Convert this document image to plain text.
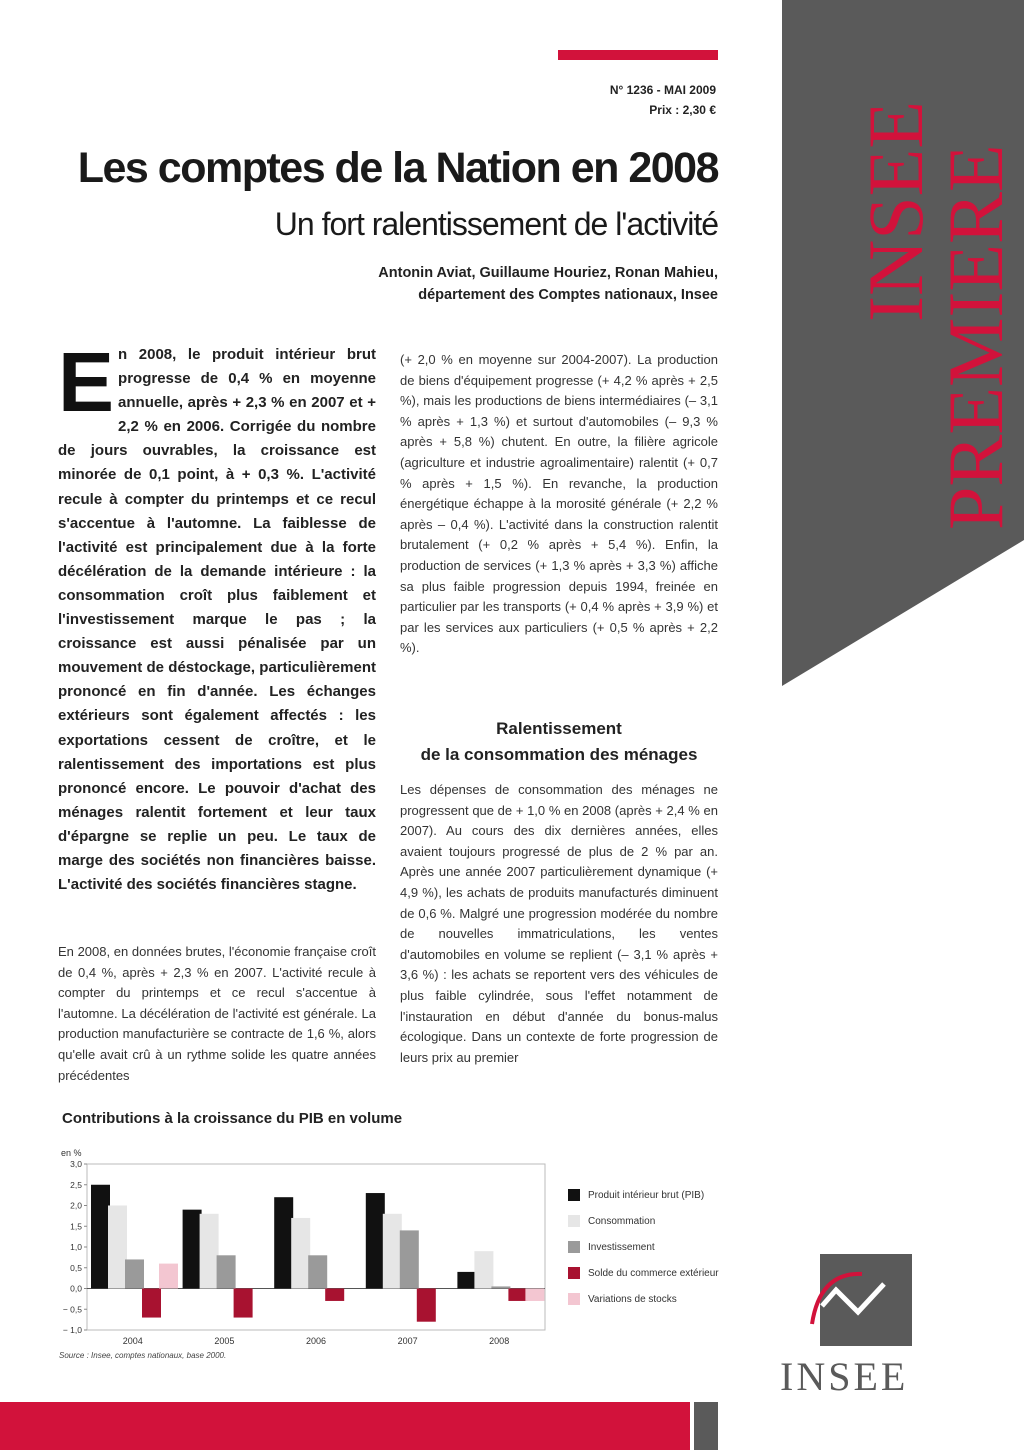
INSEE
PREMIERE
N° 1236 - MAI 2009
Prix : 2,30 €
Les comptes de la Nation en 2008
Un fort ralentissement de l'activité
Antonin Aviat, Guillaume Houriez, Ronan Mahieu,
département des Comptes nationaux, Insee
En 2008, le produit intérieur brut progresse de 0,4 % en moyenne annuelle, après + 2,3 % en 2007 et + 2,2 % en 2006. Corrigée du nombre de jours ouvrables, la croissance est minorée de 0,1 point, à + 0,3 %. L'activité recule à compter du printemps et ce recul s'accentue à l'automne. La faiblesse de l'activité est principalement due à la forte décélération de la demande intérieure : la consommation croît plus faiblement et l'investissement marque le pas ; la croissance est aussi pénalisée par un mouvement de déstockage, particulièrement prononcé en fin d'année. Les échanges extérieurs sont également affectés : les exportations cessent de croître, et le ralentissement des importations est plus prononcé encore. Le pouvoir d'achat des ménages ralentit fortement et leur taux d'épargne se replie un peu. Le taux de marge des sociétés non financières baisse. L'activité des sociétés financières stagne.
En 2008, en données brutes, l'économie française croît de 0,4 %, après + 2,3 % en 2007. L'activité recule à compter du printemps et ce recul s'accentue à l'automne. La décélération de l'activité est générale. La production manufacturière se contracte de 1,6 %, alors qu'elle avait crû à un rythme solide les quatre années précédentes
(+ 2,0 % en moyenne sur 2004-2007). La production de biens d'équipement progresse (+ 4,2 % après + 2,5 %), mais les productions de biens intermédiaires (– 3,1 % après + 1,3 %) et surtout d'automobiles (– 9,3 % après + 5,8 %) chutent. En outre, la filière agricole (agriculture et industrie agroalimentaire) ralentit (+ 0,7 % après + 1,5 %). En revanche, la production énergétique échappe à la morosité générale (+ 2,2 % après – 0,4 %). L'activité dans la construction ralentit brutalement (+ 0,2 % après + 5,4 %). Enfin, la production de services (+ 1,3 % après + 3,3 %) affiche sa plus faible progression depuis 1994, freinée en particulier par les transports (+ 0,4 % après + 3,9 %) et par les services aux particuliers (+ 0,5 % après + 2,2 %).
Ralentissement
de la consommation des ménages
Les dépenses de consommation des ménages ne progressent que de + 1,0 % en 2008 (après + 2,4 % en 2007). Au cours des dix dernières années, elles avaient toujours progressé de plus de 2 % par an. Après une année 2007 particulièrement dynamique (+ 4,9 %), les achats de produits manufacturés diminuent de 0,6 %. Malgré une progression modérée du nombre de nouvelles immatriculations, les ventes d'automobiles en volume se replient (– 3,1 % après + 3,6 %) : les achats se reportent vers des véhicules de plus faible cylindrée, sous l'effet notamment de l'instauration en début d'année du bonus-malus écologique. Dans un contexte de forte progression de leurs prix au premier
Contributions à la croissance du PIB en volume
en %
3,0
2,5
2,0
1,5
1,0
0,5
0,0
− 0,5
− 1,0
2004	2005	2006	2007	2008
Source : Insee, comptes nationaux, base 2000.
Produit intérieur brut (PIB)
Consommation
Investissement
Solde du commerce extérieur
Variations de stocks
INSEE
